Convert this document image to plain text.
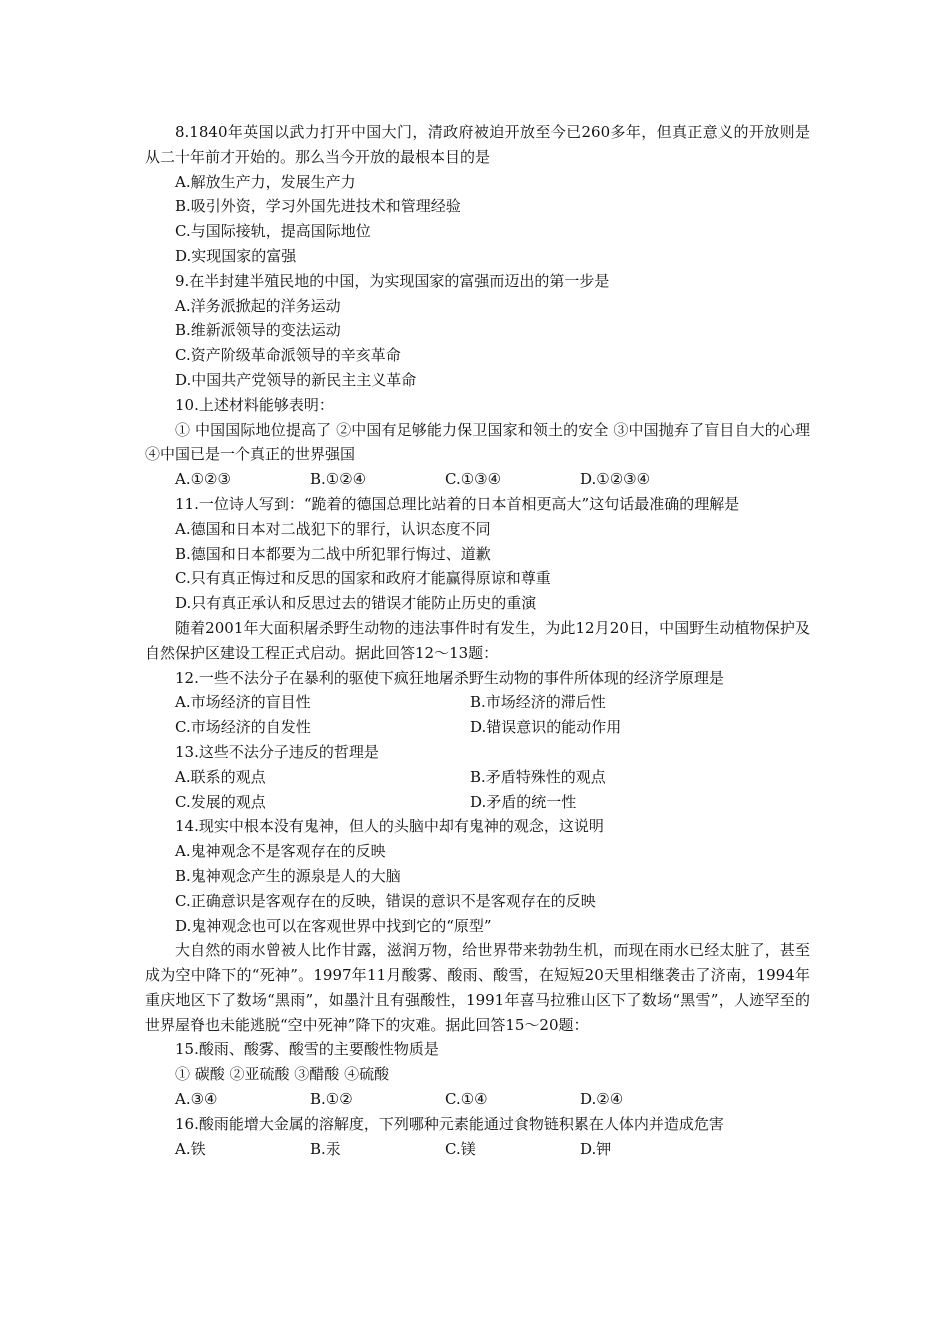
8.1840年英国以武力打开中国大门，清政府被迫开放至今已260多年，但真正意义的开放则是从二十年前才开始的。那么当今开放的最根本目的是

A.解放生产力，发展生产力

B.吸引外资，学习外国先进技术和管理经验

C.与国际接轨，提高国际地位

D.实现国家的富强

9.在半封建半殖民地的中国，为实现国家的富强而迈出的第一步是

A.洋务派掀起的洋务运动

B.维新派领导的变法运动

C.资产阶级革命派领导的辛亥革命

D.中国共产党领导的新民主主义革命

10.上述材料能够表明：

① 中国国际地位提高了 ②中国有足够能力保卫国家和领土的安全 ③中国抛弃了盲目自大的心理 ④中国已是一个真正的世界强国

A.①②③	B.①②④	C.①③④	D.①②③④

11.一位诗人写到：“跪着的德国总理比站着的日本首相更高大”这句话最准确的理解是

A.德国和日本对二战犯下的罪行，认识态度不同

B.德国和日本都要为二战中所犯罪行悔过、道歉

C.只有真正悔过和反思的国家和政府才能赢得原谅和尊重

D.只有真正承认和反思过去的错误才能防止历史的重演

随着2001年大面积屠杀野生动物的违法事件时有发生，为此12月20日，中国野生动植物保护及自然保护区建设工程正式启动。据此回答12～13题：

12.一些不法分子在暴利的驱使下疯狂地屠杀野生动物的事件所体现的经济学原理是

A.市场经济的盲目性	B.市场经济的滞后性
C.市场经济的自发性	D.错误意识的能动作用

13.这些不法分子违反的哲理是

A.联系的观点	B.矛盾特殊性的观点
C.发展的观点	D.矛盾的统一性

14.现实中根本没有鬼神，但人的头脑中却有鬼神的观念，这说明

A.鬼神观念不是客观存在的反映

B.鬼神观念产生的源泉是人的大脑

C.正确意识是客观存在的反映，错误的意识不是客观存在的反映

D.鬼神观念也可以在客观世界中找到它的“原型”

大自然的雨水曾被人比作甘露，滋润万物，给世界带来勃勃生机，而现在雨水已经太脏了，甚至成为空中降下的“死神”。1997年11月酸雾、酸雨、酸雪，在短短20天里相继袭击了济南，1994年重庆地区下了数场“黑雨”，如墨汁且有强酸性，1991年喜马拉雅山区下了数场“黑雪”，人迹罕至的世界屋脊也未能逃脱“空中死神”降下的灾难。据此回答15～20题：

15.酸雨、酸雾、酸雪的主要酸性物质是

① 碳酸 ②亚硫酸 ③醋酸 ④硫酸

A.③④	B.①②	C.①④	D.②④

16.酸雨能增大金属的溶解度，下列哪种元素能通过食物链积累在人体内并造成危害

A.铁	B.汞	C.镁	D.钾
